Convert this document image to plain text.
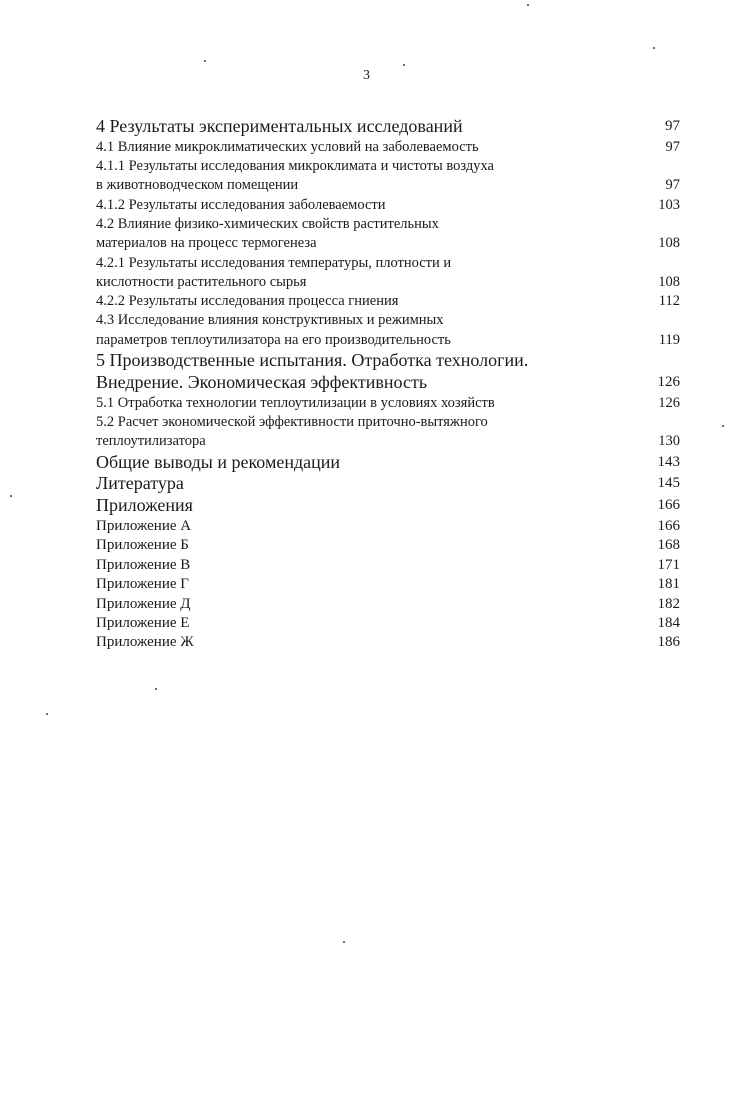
3
4 Результаты экспериментальных исследований	97
4.1 Влияние микроклиматических условий на заболеваемость	97
4.1.1 Результаты исследования микроклимата и чистоты воздуха
в животноводческом помещении	97
4.1.2 Результаты исследования заболеваемости	103
4.2 Влияние физико-химических свойств растительных
материалов на процесс термогенеза	108
4.2.1 Результаты исследования температуры, плотности и
кислотности растительного сырья	108
4.2.2 Результаты исследования процесса гниения	112
4.3 Исследование влияния конструктивных и режимных
параметров теплоутилизатора на его производительность	119
5 Производственные испытания. Отработка технологии.
Внедрение. Экономическая эффективность	126
5.1 Отработка технологии теплоутилизации в условиях хозяйств	126
5.2 Расчет экономической эффективности приточно-вытяжного
теплоутилизатора	130
Общие выводы и рекомендации	143
Литература	145
Приложения	166
Приложение А	166
Приложение Б	168
Приложение В	171
Приложение Г	181
Приложение Д	182
Приложение Е	184
Приложение Ж	186
